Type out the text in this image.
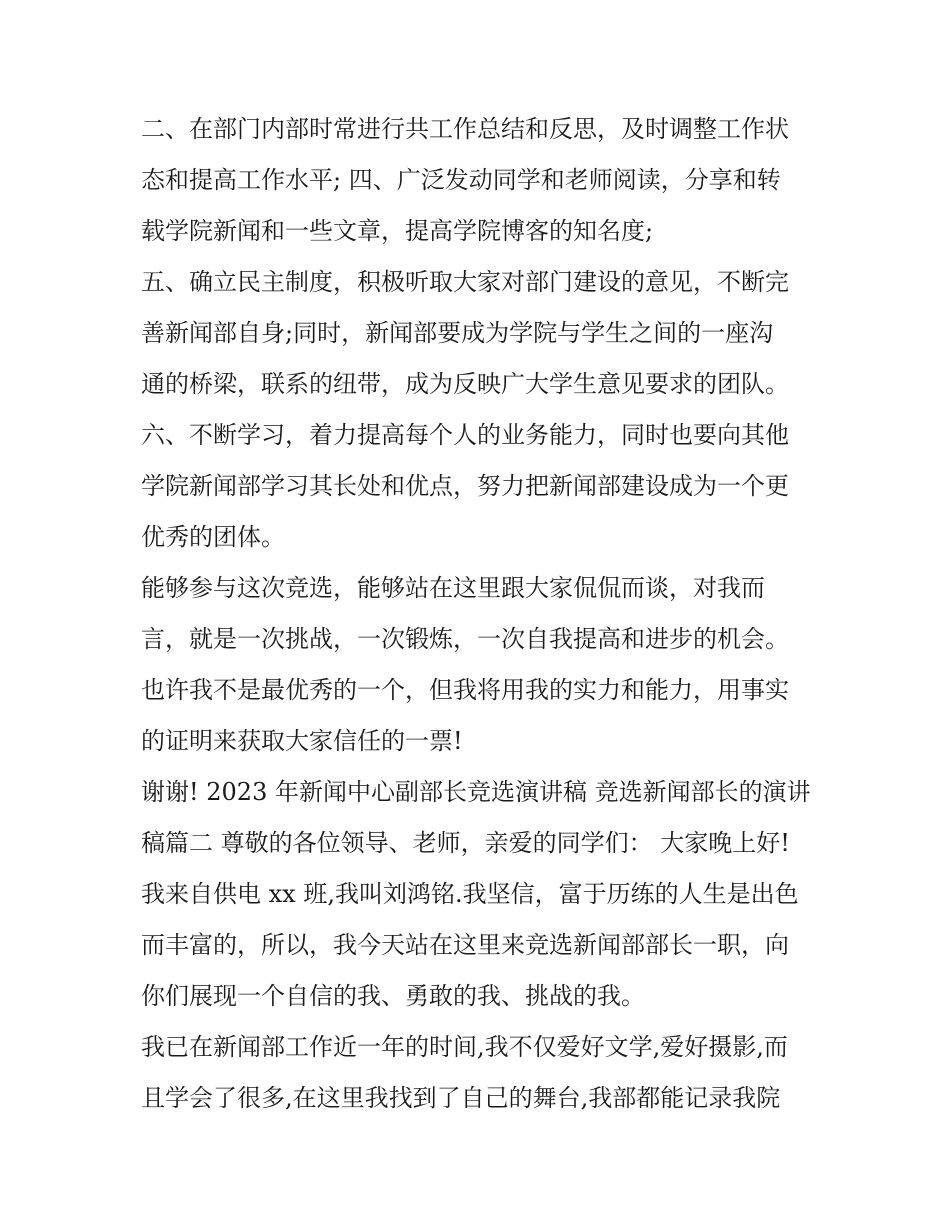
二、在部门内部时常进行共工作总结和反思，及时调整工作状
态和提高工作水平; 四、广泛发动同学和老师阅读，分享和转
载学院新闻和一些文章，提高学院博客的知名度;
五、确立民主制度，积极听取大家对部门建设的意见，不断完
善新闻部自身;同时，新闻部要成为学院与学生之间的一座沟
通的桥梁，联系的纽带，成为反映广大学生意见要求的团队。
六、不断学习，着力提高每个人的业务能力，同时也要向其他
学院新闻部学习其长处和优点，努力把新闻部建设成为一个更
优秀的团体。
能够参与这次竞选，能够站在这里跟大家侃侃而谈，对我而
言，就是一次挑战，一次锻炼，一次自我提高和进步的机会。
也许我不是最优秀的一个，但我将用我的实力和能力，用事实
的证明来获取大家信任的一票!
谢谢! 2023 年新闻中心副部长竞选演讲稿 竞选新闻部长的演讲
稿篇二 尊敬的各位领导、老师，亲爱的同学们： 大家晚上好!
我来自供电 xx 班,我叫刘鸿铭.我坚信，富于历练的人生是出色
而丰富的，所以，我今天站在这里来竞选新闻部部长一职，向
你们展现一个自信的我、勇敢的我、挑战的我。
我已在新闻部工作近一年的时间,我不仅爱好文学,爱好摄影,而
且学会了很多,在这里我找到了自己的舞台,我部都能记录我院
